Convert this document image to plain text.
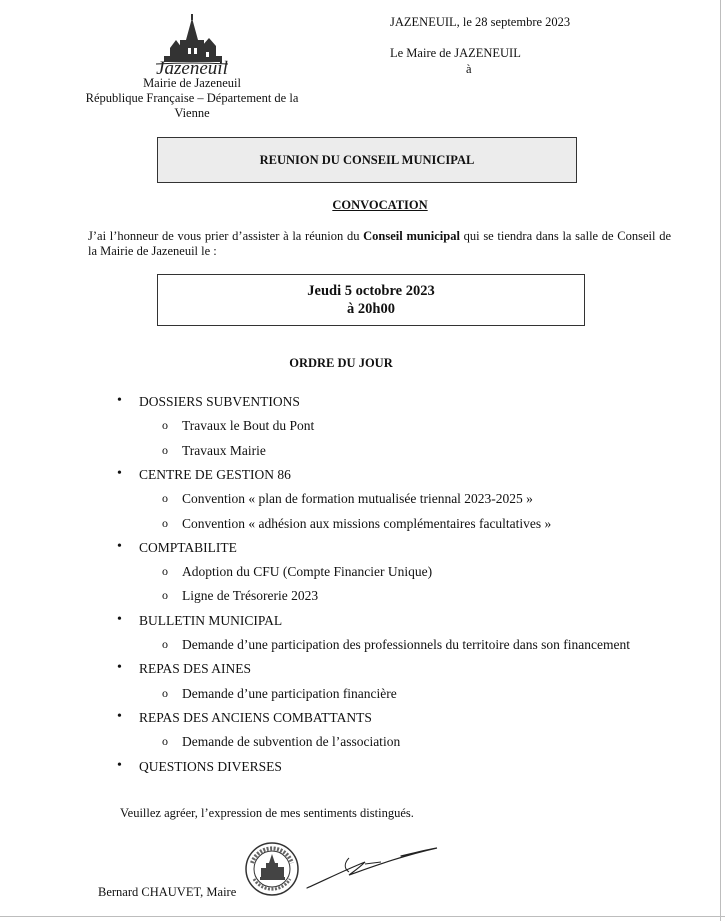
Jazeneuil
Mairie de Jazeneuil
République Française – Département de la
Vienne
JAZENEUIL, le 28 septembre 2023
Le Maire de JAZENEUIL
à
REUNION DU CONSEIL MUNICIPAL
CONVOCATION
J’ai l’honneur de vous prier d’assister à la réunion du Conseil municipal qui se tiendra dans la salle de Conseil de la Mairie de Jazeneuil le :
Jeudi 5 octobre 2023
à 20h00
ORDRE DU JOUR
• DOSSIERS SUBVENTIONS
o Travaux le Bout du Pont
o Travaux Mairie
• CENTRE DE GESTION 86
o Convention « plan de formation mutualisée triennal 2023-2025 »
o Convention « adhésion aux missions complémentaires facultatives »
• COMPTABILITE
o Adoption du CFU (Compte Financier Unique)
o Ligne de Trésorerie 2023
• BULLETIN MUNICIPAL
o Demande d’une participation des professionnels du territoire dans son financement
• REPAS DES AINES
o Demande d’une participation financière
• REPAS DES ANCIENS COMBATTANTS
o Demande de subvention de l’association
• QUESTIONS DIVERSES
Veuillez agréer, l’expression de mes sentiments distingués.
Bernard CHAUVET, Maire
